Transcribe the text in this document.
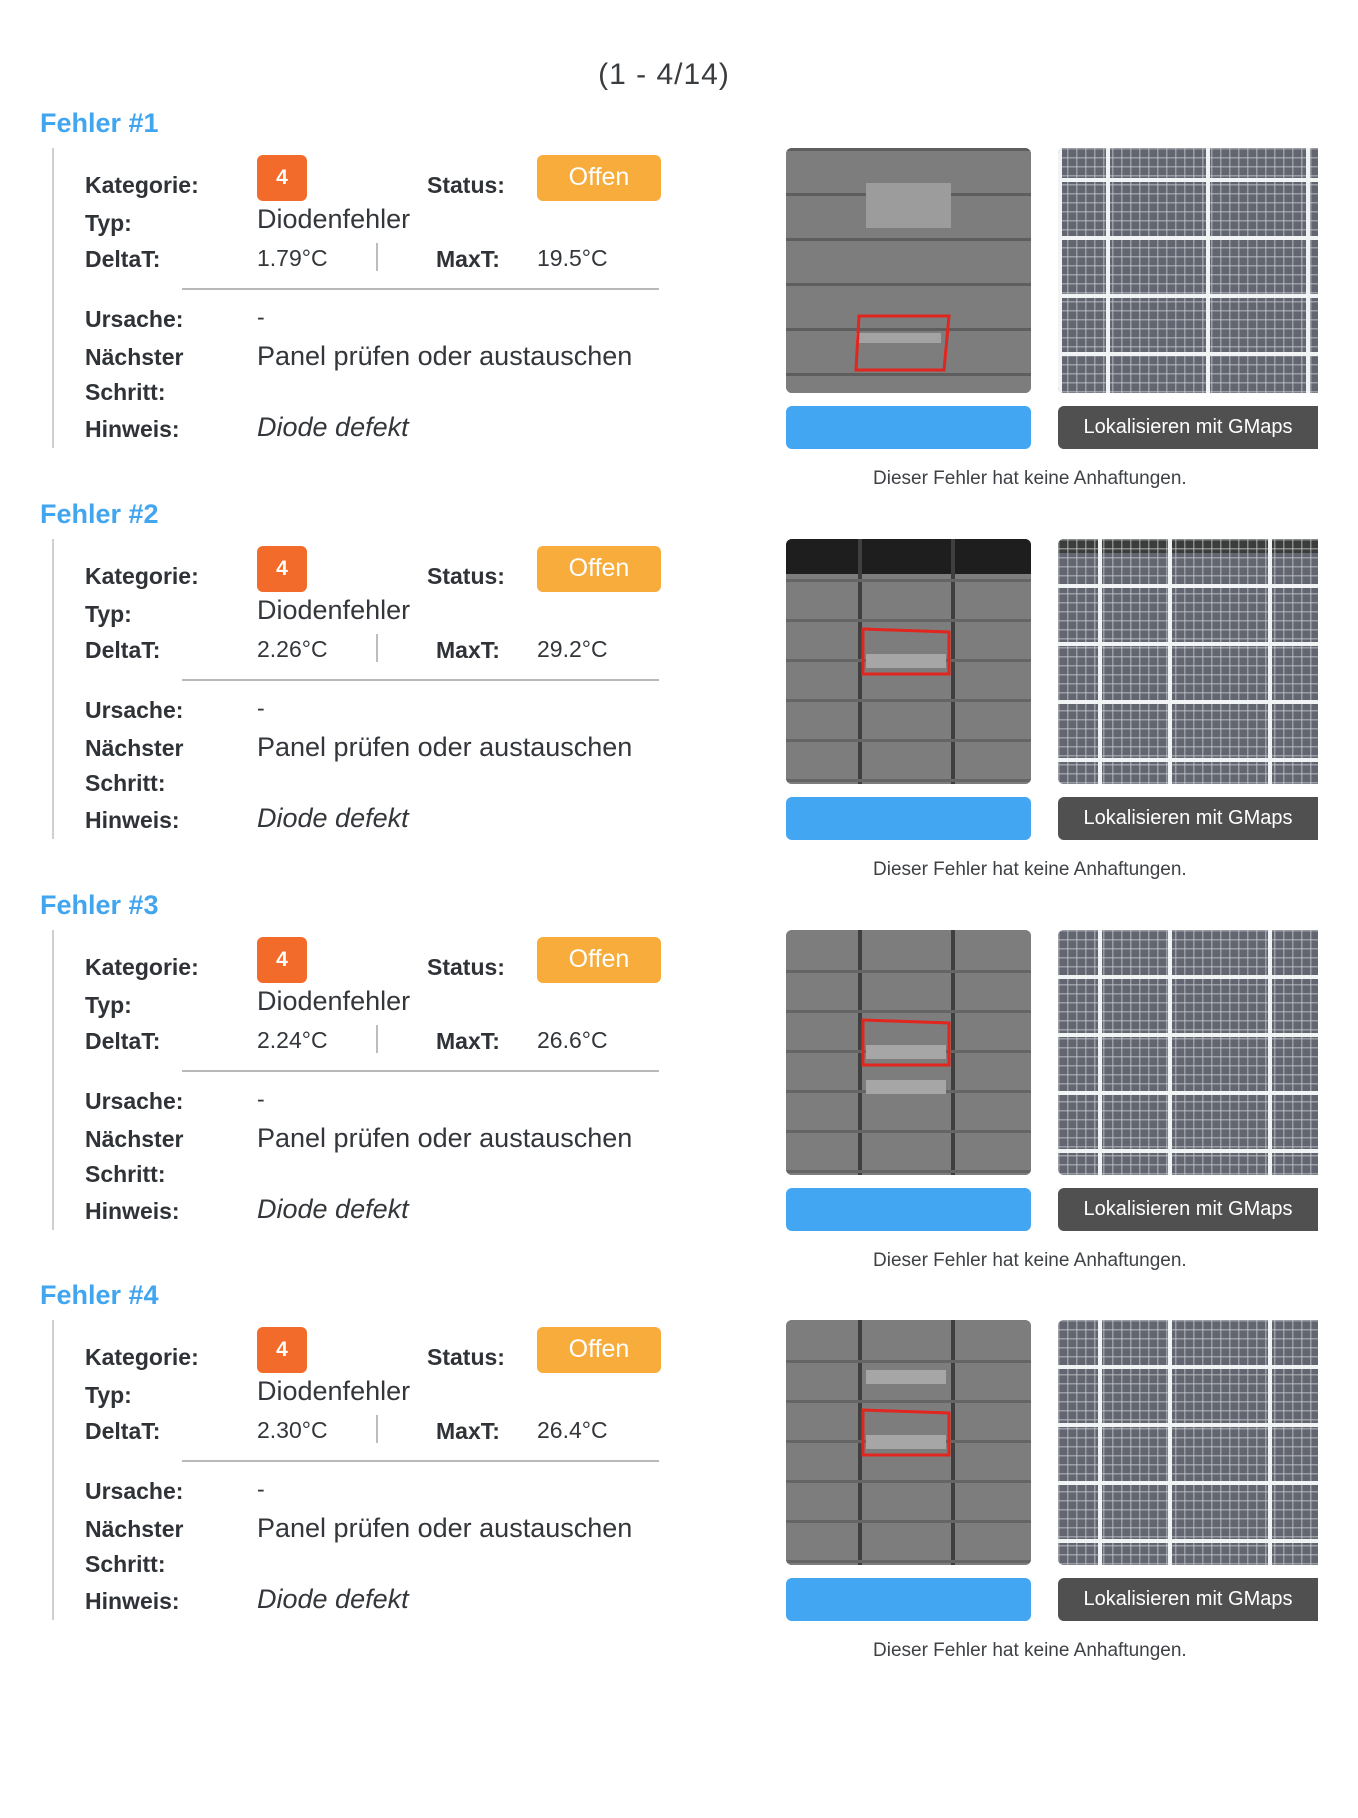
(1 - 4/14)
Fehler #1
Kategorie:	4	Status:	Offen
Typ:	Diodenfehler
DeltaT:	1.79°C	MaxT: 19.5°C
Ursache:	-
Nächster
Schritt:
Panel prüfen oder austauschen
Hinweis:	Diode defekt	Lokalisieren mit GMaps
Dieser Fehler hat keine Anhaftungen.
Fehler #2
Kategorie:	4	Status:	Offen
Typ:	Diodenfehler
DeltaT:	2.26°C	MaxT: 29.2°C
Ursache:	-
Nächster
Schritt:
Panel prüfen oder austauschen
Hinweis:	Diode defekt	Lokalisieren mit GMaps
Dieser Fehler hat keine Anhaftungen.
Fehler #3
Kategorie:	4	Status:	Offen
Typ:	Diodenfehler
DeltaT:	2.24°C	MaxT: 26.6°C
Ursache:	-
Nächster
Schritt:
Panel prüfen oder austauschen
Hinweis:	Diode defekt	Lokalisieren mit GMaps
Dieser Fehler hat keine Anhaftungen.
Fehler #4
Kategorie:	4	Status:	Offen
Typ:	Diodenfehler
DeltaT:	2.30°C	MaxT: 26.4°C
Ursache:	-
Nächster
Schritt:
Panel prüfen oder austauschen
Hinweis:	Diode defekt	Lokalisieren mit GMaps
Dieser Fehler hat keine Anhaftungen.
